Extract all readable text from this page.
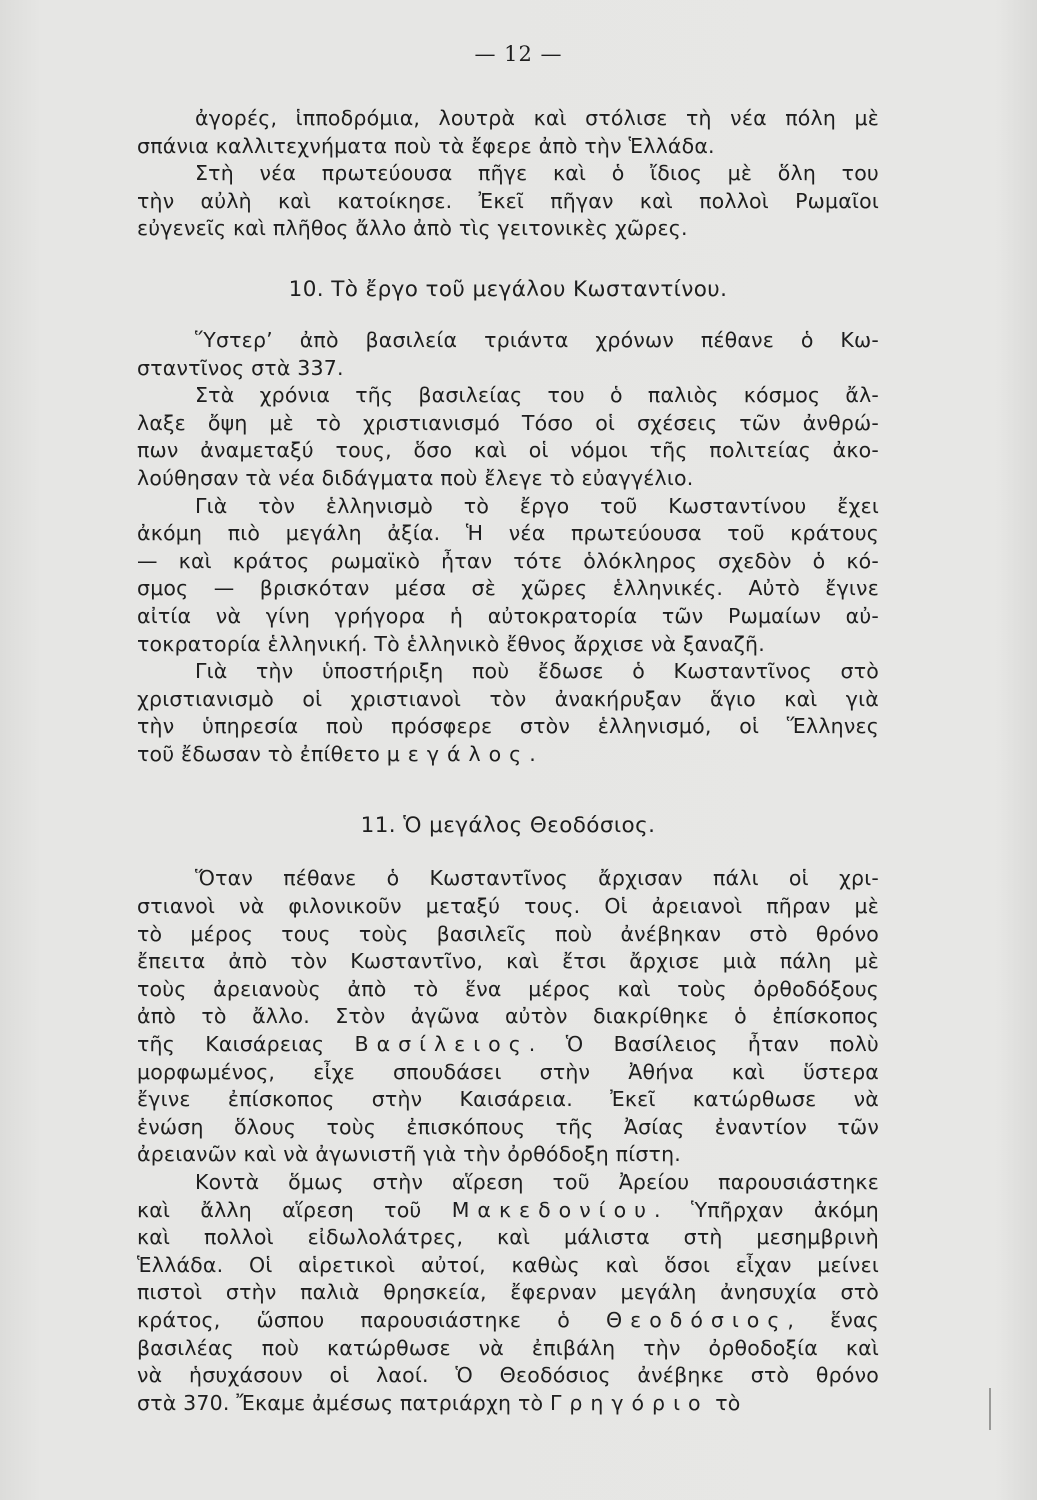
— 12 —
ἀγορές, ἱπποδρόμια, λουτρὰ καὶ στόλισε τὴ νέα πόλη μὲ
σπάνια καλλιτεχνήματα ποὺ τὰ ἔφερε ἀπὸ τὴν Ἑλλάδα.
Στὴ νέα πρωτεύουσα πῆγε καὶ ὁ ἴδιος μὲ ὅλη του
τὴν αὐλὴ καὶ κατοίκησε. Ἐκεῖ πῆγαν καὶ πολλοὶ Ρωμαῖοι
εὐγενεῖς καὶ πλῆθος ἄλλο ἀπὸ τὶς γειτονικὲς χῶρες.
10. Τὸ ἔργο τοῦ μεγάλου Κωσταντίνου.
Ὕστερ’ ἀπὸ βασιλεία τριάντα χρόνων πέθανε ὁ Κω-
σταντῖνος στὰ 337.
Στὰ χρόνια τῆς βασιλείας του ὁ παλιὸς κόσμος ἄλ-
λαξε ὄψη μὲ τὸ χριστιανισμό Τόσο οἱ σχέσεις τῶν ἀνθρώ-
πων ἀναμεταξύ τους, ὅσο καὶ οἱ νόμοι τῆς πολιτείας ἀκο-
λούθησαν τὰ νέα διδάγματα ποὺ ἔλεγε τὸ εὐαγγέλιο.
Γιὰ τὸν ἑλληνισμὸ τὸ ἔργο τοῦ Κωσταντίνου ἔχει
ἀκόμη πιὸ μεγάλη ἀξία. Ἡ νέα πρωτεύουσα τοῦ κράτους
— καὶ κράτος ρωμαϊκὸ ἦταν τότε ὁλόκληρος σχεδὸν ὁ κό-
σμος — βρισκόταν μέσα σὲ χῶρες ἑλληνικές. Αὐτὸ ἔγινε
αἰτία νὰ γίνη γρήγορα ἡ αὐτοκρατορία τῶν Ρωμαίων αὐ-
τοκρατορία ἑλληνική. Τὸ ἑλληνικὸ ἔθνος ἄρχισε νὰ ξαναζῆ.
Γιὰ τὴν ὑποστήριξη ποὺ ἔδωσε ὁ Κωσταντῖνος στὸ
χριστιανισμὸ οἱ χριστιανοὶ τὸν ἀνακήρυξαν ἅγιο καὶ γιὰ
τὴν ὑπηρεσία ποὺ πρόσφερε στὸν ἑλληνισμό, οἱ Ἕλληνες
τοῦ ἔδωσαν τὸ ἐπίθετο μεγάλος.
11. Ὁ μεγάλος Θεοδόσιος.
Ὅταν πέθανε ὁ Κωσταντῖνος ἄρχισαν πάλι οἱ χρι-
στιανοὶ νὰ φιλονικοῦν μεταξύ τους. Οἱ ἀρειανοὶ πῆραν μὲ
τὸ μέρος τους τοὺς βασιλεῖς ποὺ ἀνέβηκαν στὸ θρόνο
ἔπειτα ἀπὸ τὸν Κωσταντῖνο, καὶ ἔτσι ἄρχισε μιὰ πάλη μὲ
τοὺς ἀρειανοὺς ἀπὸ τὸ ἕνα μέρος καὶ τοὺς ὀρθοδόξους
ἀπὸ τὸ ἄλλο. Στὸν ἀγῶνα αὐτὸν διακρίθηκε ὁ ἐπίσκοπος
τῆς Καισάρειας Βασίλειος. Ὁ Βασίλειος ἦταν πολὺ
μορφωμένος, εἶχε σπουδάσει στὴν Ἀθήνα καὶ ὕστερα
ἔγινε ἐπίσκοπος στὴν Καισάρεια. Ἐκεῖ κατώρθωσε νὰ
ἑνώση ὅλους τοὺς ἐπισκόπους τῆς Ἀσίας ἐναντίον τῶν
ἀρειανῶν καὶ νὰ ἀγωνιστῆ γιὰ τὴν ὀρθόδοξη πίστη.
Κοντὰ ὅμως στὴν αἵρεση τοῦ Ἀρείου παρουσιάστηκε
καὶ ἄλλη αἵρεση τοῦ Μακεδονίου. Ὑπῆρχαν ἀκόμη
καὶ πολλοὶ εἰδωλολάτρες, καὶ μάλιστα στὴ μεσημβρινὴ
Ἑλλάδα. Οἱ αἱρετικοὶ αὐτοί, καθὼς καὶ ὅσοι εἶχαν μείνει
πιστοὶ στὴν παλιὰ θρησκεία, ἔφερναν μεγάλη ἀνησυχία στὸ
κράτος, ὥσπου παρουσιάστηκε ὁ Θεοδόσιος, ἕνας
βασιλέας ποὺ κατώρθωσε νὰ ἐπιβάλη τὴν ὀρθοδοξία καὶ
νὰ ἡσυχάσουν οἱ λαοί. Ὁ Θεοδόσιος ἀνέβηκε στὸ θρόνο
στὰ 370. Ἔκαμε ἀμέσως πατριάρχη τὸ Γρηγόριο τὸ
